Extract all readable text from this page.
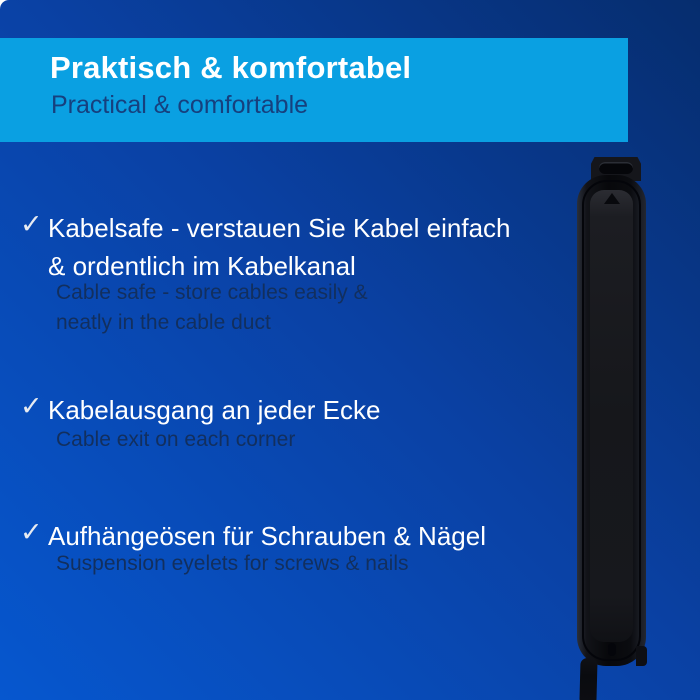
Praktisch & komfortabel
Practical & comfortable
✓ Kabelsafe - verstauen Sie Kabel einfach
& ordentlich im Kabelkanal
Cable safe - store cables easily &
neatly in the cable duct
✓ Kabelausgang an jeder Ecke
Cable exit on each corner
✓ Aufhängeösen für Schrauben & Nägel
Suspension eyelets for screws & nails
